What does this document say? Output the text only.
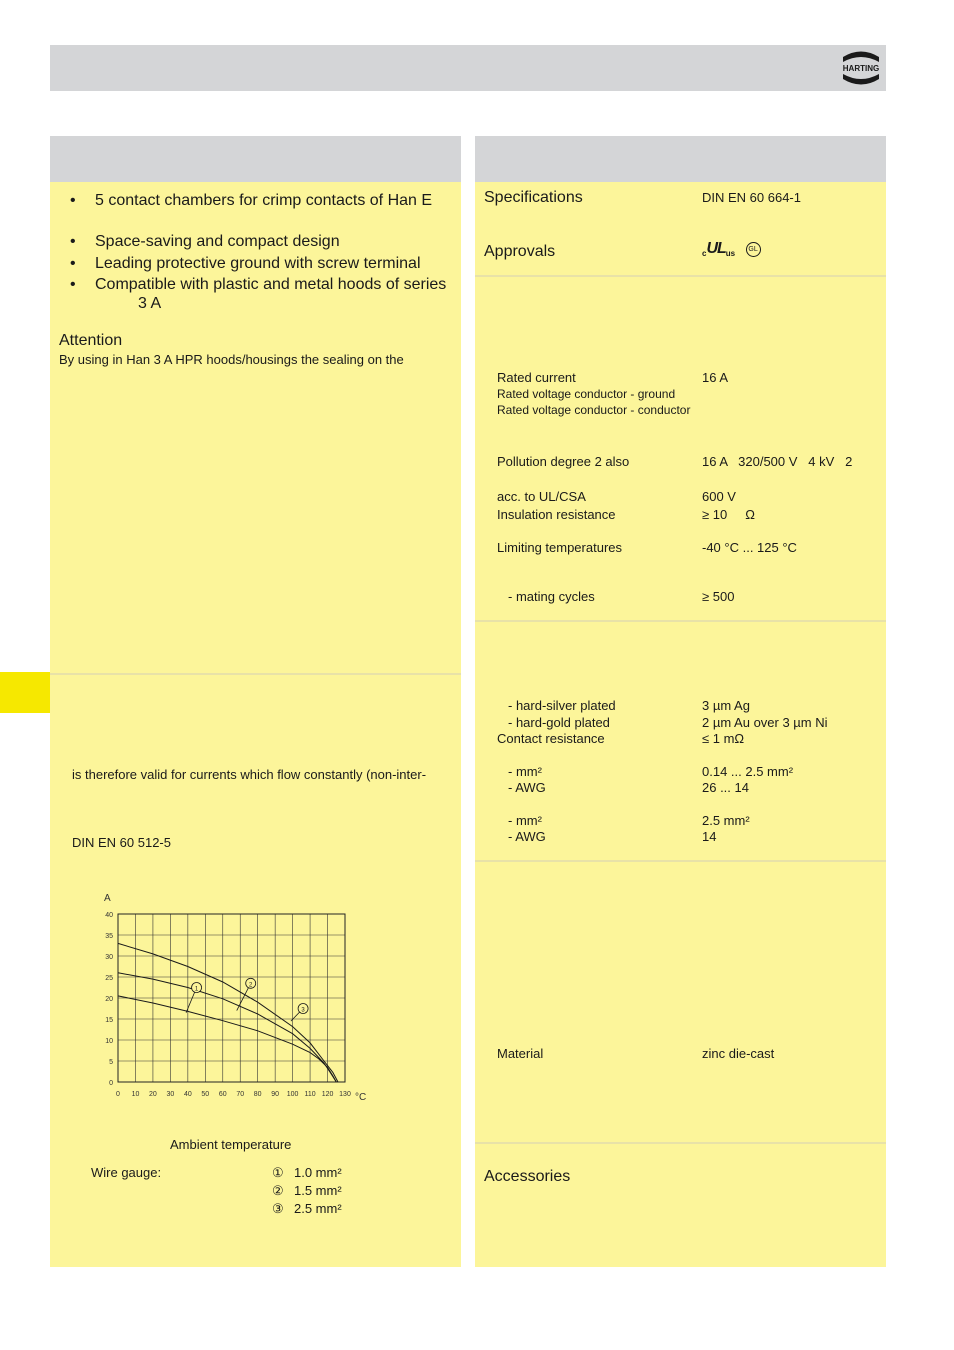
HARTING
• 5 contact chambers for crimp contacts of Han E
• Space-saving and compact design
• Leading protective ground with screw terminal
• Compatible with plastic and metal hoods of series
3 A
Attention
By using in Han 3 A HPR hoods/housings the sealing on the
is therefore valid for currents which flow constantly (non-inter-
DIN EN 60 512-5
0 10 20 30 40 50 60 70 80 90 100 110 120 130
0
5
10
15
20
25
30
35
40
A
°C
1
2
3
Ambient temperature
Wire gauge:	① 1.0 mm²
② 1.5 mm²
③ 2.5 mm²
Specifications	DIN EN 60 664-1
Approvals	cULus GL
Rated current	16 A
Rated voltage conductor - ground
Rated voltage conductor - conductor
Pollution degree 2 also	16 A   320/500 V   4 kV   2
acc. to UL/CSA	600 V
Insulation resistance	≥ 10     Ω
Limiting temperatures	-40 °C ... 125 °C
- mating cycles	≥ 500
- hard-silver plated	3 µm Ag
- hard-gold plated	2 µm Au over 3 µm Ni
Contact resistance	≤ 1 mΩ
- mm²	0.14 ... 2.5 mm²
- AWG	26 ... 14
- mm²	2.5 mm²
- AWG	14
Material	zinc die-cast
Accessories
